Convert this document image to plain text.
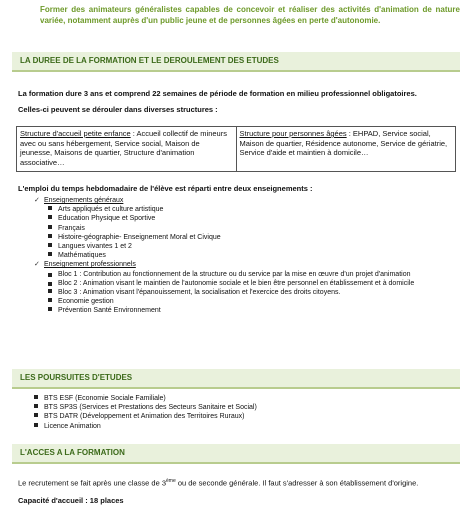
Former des animateurs généralistes capables de concevoir et réaliser des activités d'animation de nature variée, notamment auprès d'un public jeune et de personnes âgées en perte d'autonomie.
LA DUREE DE LA FORMATION ET LE DEROULEMENT DES ETUDES
La formation dure 3 ans et comprend 22 semaines de période de formation en milieu professionnel obligatoires.
Celles-ci peuvent se dérouler dans diverses structures :
Structure d'accueil petite enfance : Accueil collectif de mineurs avec ou sans hébergement, Service social, Maison de jeunesse, Maisons de quartier, Structure d'animation associative…
Structure pour personnes âgées : EHPAD, Service social, Maison de quartier, Résidence autonome, Service de gériatrie, Service d'aide et maintien à domicile…
L'emploi du temps hebdomadaire de l'élève est réparti entre deux enseignements :
✓ Enseignements généraux
Arts appliqués et culture artistique
Education Physique et Sportive
Français
Histoire-géographie- Enseignement Moral et Civique
Langues vivantes 1 et 2
Mathématiques
✓ Enseignement professionnels
Bloc 1 : Contribution au fonctionnement de la structure ou du service par la mise en œuvre d'un projet d'animation
Bloc 2 : Animation visant le maintien de l'autonomie sociale et le bien être personnel en établissement et à domicile
Bloc 3 : Animation visant l'épanouissement, la socialisation et l'exercice des droits citoyens.
Economie gestion
Prévention Santé Environnement
LES POURSUITES D'ETUDES
BTS ESF (Economie Sociale Familiale)
BTS SP3S (Services et Prestations des Secteurs Sanitaire et Social)
BTS DATR (Développement et Animation des Territoires Ruraux)
Licence Animation
L'ACCES A LA FORMATION
Le recrutement se fait après une classe de 3ème ou de seconde générale. Il faut s'adresser à son établissement d'origine.
Capacité d'accueil : 18 places
